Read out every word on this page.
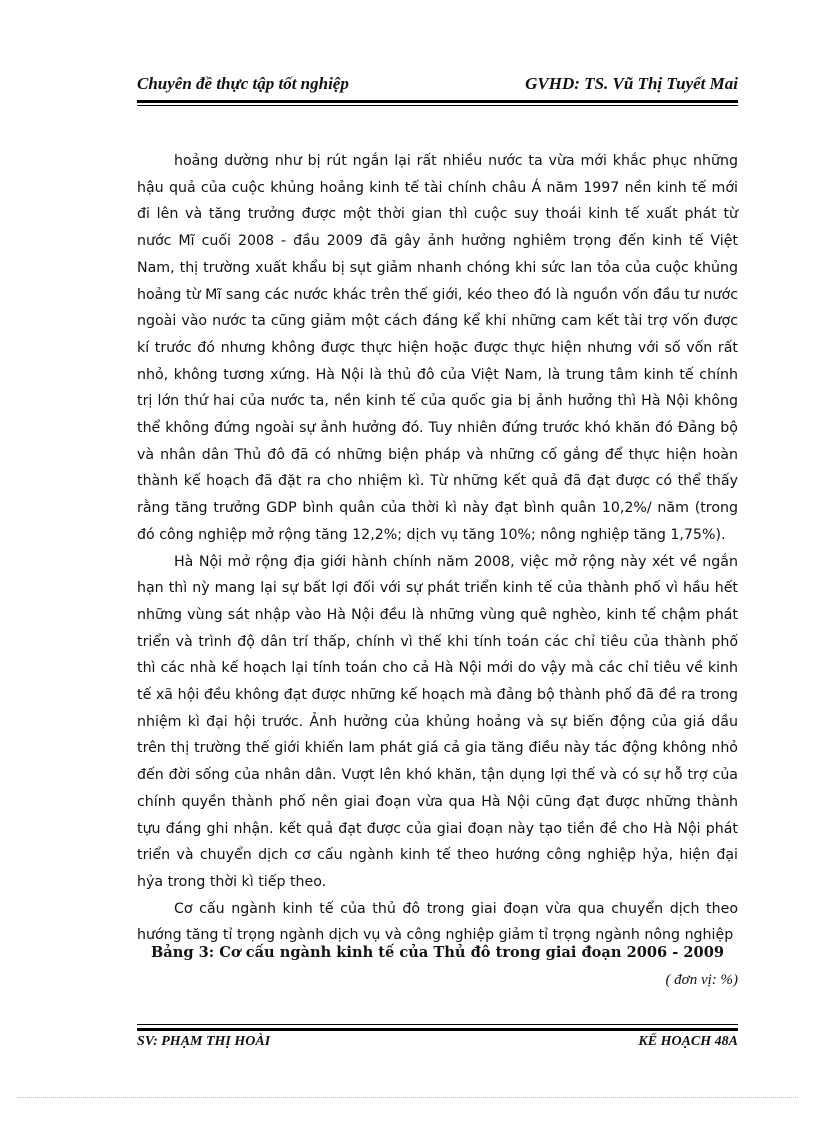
Chuyên đề thực tập tốt nghiệp	GVHD: TS. Vũ Thị Tuyết Mai

hoảng dường như bị rút ngắn lại rất nhiều nước ta vừa mới khắc phục những hậu quả của cuộc khủng hoảng kinh tế tài chính châu Á năm 1997 nền kinh tế mới đi lên và tăng trưởng được một thời gian thì cuộc suy thoái kinh tế xuất phát từ nước Mĩ cuối 2008 - đầu 2009 đã gây ảnh hưởng nghiêm trọng đến kinh tế Việt Nam, thị trường xuất khẩu bị sụt giảm nhanh chóng khi sức lan tỏa của cuộc khủng hoảng từ Mĩ sang các nước khác trên thế giới, kéo theo đó là nguồn vốn đầu tư nước ngoài vào nước ta cũng giảm một cách đáng kể khi những cam kết tài trợ vốn được kí trước đó nhưng không được thực hiện hoặc được thực hiện nhưng với số vốn rất nhỏ, không tương xứng. Hà Nội là thủ đô của Việt Nam, là trung tâm kinh tế chính trị lớn thứ hai của nước ta, nền kinh tế của quốc gia bị ảnh hưởng thì Hà Nội không thể không đứng ngoài sự ảnh hưởng đó. Tuy nhiên đứng trước khó khăn đó Đảng bộ và nhân dân Thủ đô đã có những biện pháp và những cố gắng để thực hiện hoàn thành kế hoạch đã đặt ra cho nhiệm kì. Từ những kết quả đã đạt được có thể thấy rằng tăng trưởng GDP bình quân của thời kì này đạt bình quân 10,2%/ năm (trong đó công nghiệp mở rộng tăng 12,2%; dịch vụ tăng 10%; nông nghiệp tăng 1,75%).

Hà Nội mở rộng địa giới hành chính năm 2008, việc mở rộng này xét về ngắn hạn thì nỳ mang lại sự bất lợi đối với sự phát triển kinh tế của thành phố vì hầu hết những vùng sát nhập vào Hà Nội đều là những vùng quê nghèo, kinh tế chậm phát triển và trình độ dân trí thấp, chính vì thế khi tính toán các chỉ tiêu của thành phố thì các nhà kế hoạch lại tính toán cho cả Hà Nội mới do vậy mà các chỉ tiêu về kinh tế xã hội đều không đạt được những kế hoạch mà đảng bộ thành phố đã đề ra trong nhiệm kì đại hội trước. Ảnh hưởng của khủng hoảng và sự biến động của giá dầu trên thị trường thế giới khiến lam phát giá cả gia tăng điều này tác động không nhỏ đến đời sống của nhân dân. Vượt lên khó khăn, tận dụng lợi thế và có sự hỗ trợ của chính quyền thành phố nên giai đoạn vừa qua Hà Nội cũng đạt được những thành tựu đáng ghi nhận. kết quả đạt được của giai đoạn này tạo tiền đề cho Hà Nội phát triển và chuyển dịch cơ cấu ngành kinh tế theo hướng công nghiệp hỷa, hiện đại hỷa trong thời kì tiếp theo.

Cơ cấu ngành kinh tế của thủ đô trong giai đoạn vừa qua chuyển dịch theo hướng tăng tỉ trọng ngành dịch vụ và công nghiệp giảm tỉ trọng ngành nông nghiệp

Bảng 3: Cơ cấu ngành kinh tế của Thủ đô trong giai đoạn 2006 - 2009
( đơn vị: %)
SV: PHẠM THỊ HOÀI	KẾ HOẠCH 48A
